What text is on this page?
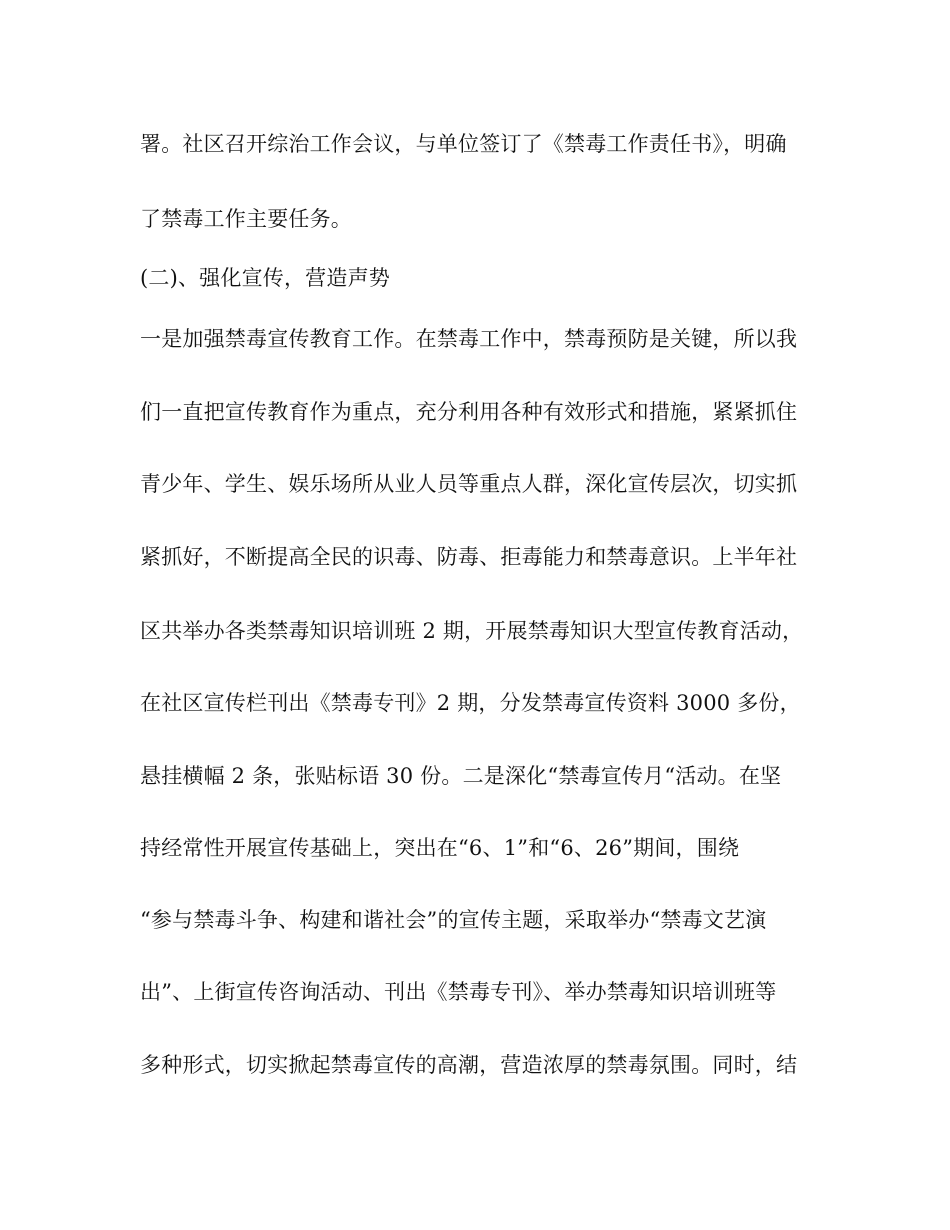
署。社区召开综治工作会议，与单位签订了《禁毒工作责任书》，明确
了禁毒工作主要任务。
(二)、强化宣传，营造声势
一是加强禁毒宣传教育工作。在禁毒工作中，禁毒预防是关键，所以我
们一直把宣传教育作为重点，充分利用各种有效形式和措施，紧紧抓住
青少年、学生、娱乐场所从业人员等重点人群，深化宣传层次，切实抓
紧抓好，不断提高全民的识毒、防毒、拒毒能力和禁毒意识。上半年社
区共举办各类禁毒知识培训班 2 期，开展禁毒知识大型宣传教育活动，
在社区宣传栏刊出《禁毒专刊》2 期，分发禁毒宣传资料 3000 多份，
悬挂横幅 2 条，张贴标语 30 份。二是深化“禁毒宣传月“活动。在坚
持经常性开展宣传基础上，突出在“6、1”和“6、26”期间，围绕
“参与禁毒斗争、构建和谐社会”的宣传主题，采取举办“禁毒文艺演
出”、上街宣传咨询活动、刊出《禁毒专刊》、举办禁毒知识培训班等
多种形式，切实掀起禁毒宣传的高潮，营造浓厚的禁毒氛围。同时，结
